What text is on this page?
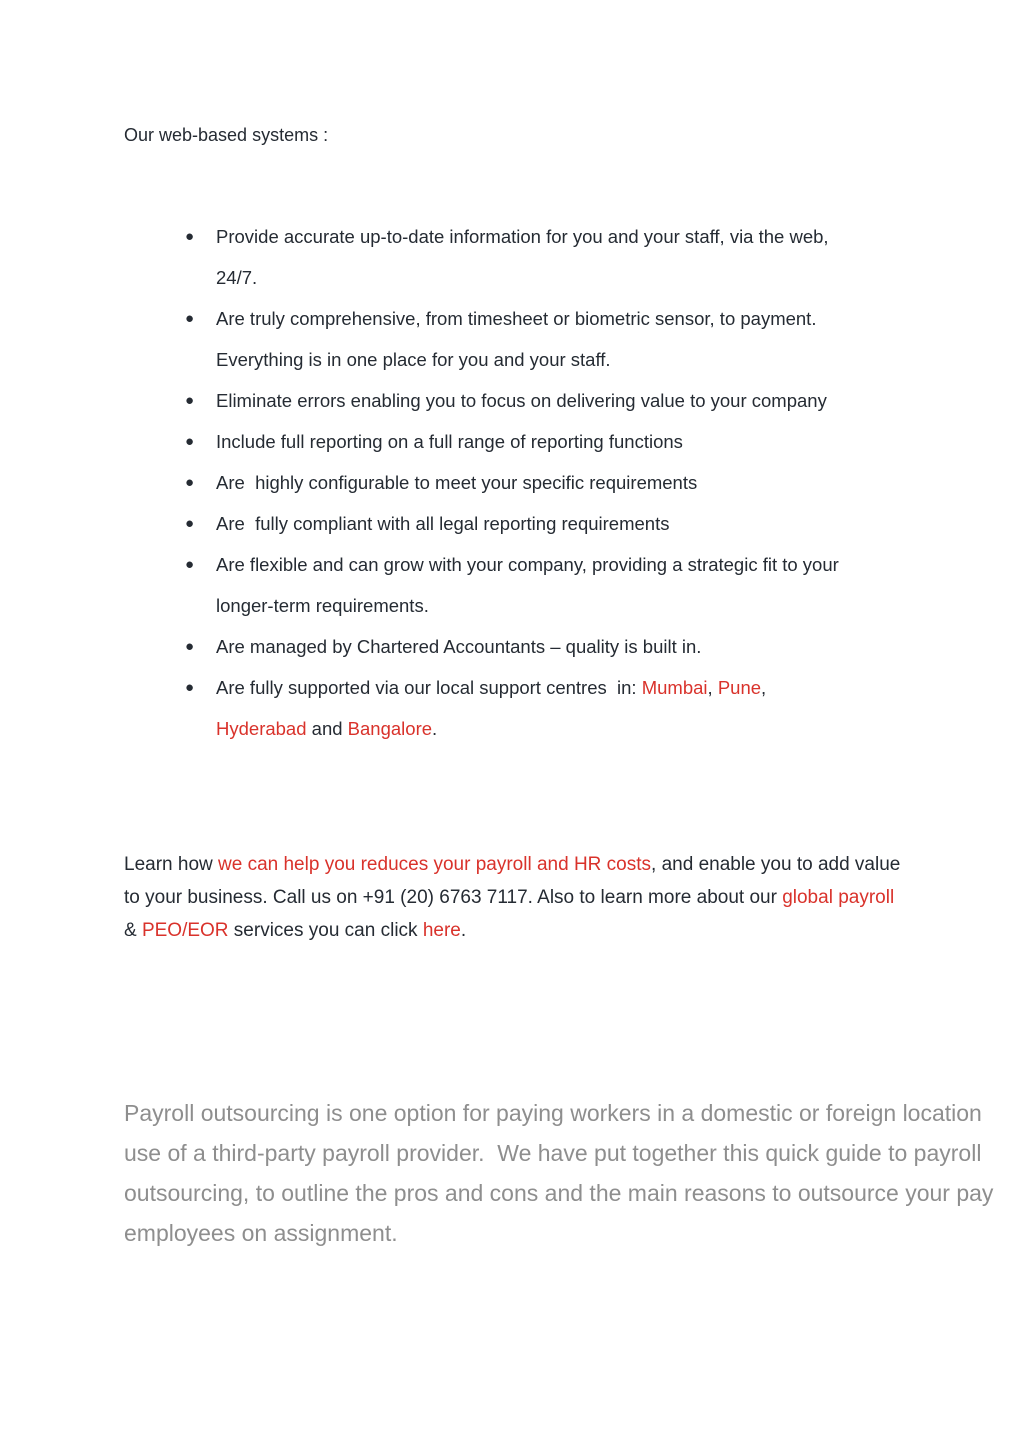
Our web-based systems :

● Provide accurate up-to-date information for you and your staff, via the web,
24/7.
● Are truly comprehensive, from timesheet or biometric sensor, to payment.
Everything is in one place for you and your staff.
● Eliminate errors enabling you to focus on delivering value to your company
● Include full reporting on a full range of reporting functions
● Are  highly configurable to meet your specific requirements
● Are  fully compliant with all legal reporting requirements
● Are flexible and can grow with your company, providing a strategic fit to your
longer-term requirements.
● Are managed by Chartered Accountants – quality is built in.
● Are fully supported via our local support centres  in: Mumbai, Pune,
Hyderabad and Bangalore.

Learn how we can help you reduces your payroll and HR costs, and enable you to add value to your business. Call us on +91 (20) 6763 7117. Also to learn more about our global payroll & PEO/EOR services you can click here.

Payroll outsourcing is one option for paying workers in a domestic or foreign location
use of a third-party payroll provider.  We have put together this quick guide to payroll
outsourcing, to outline the pros and cons and the main reasons to outsource your pay
employees on assignment.
